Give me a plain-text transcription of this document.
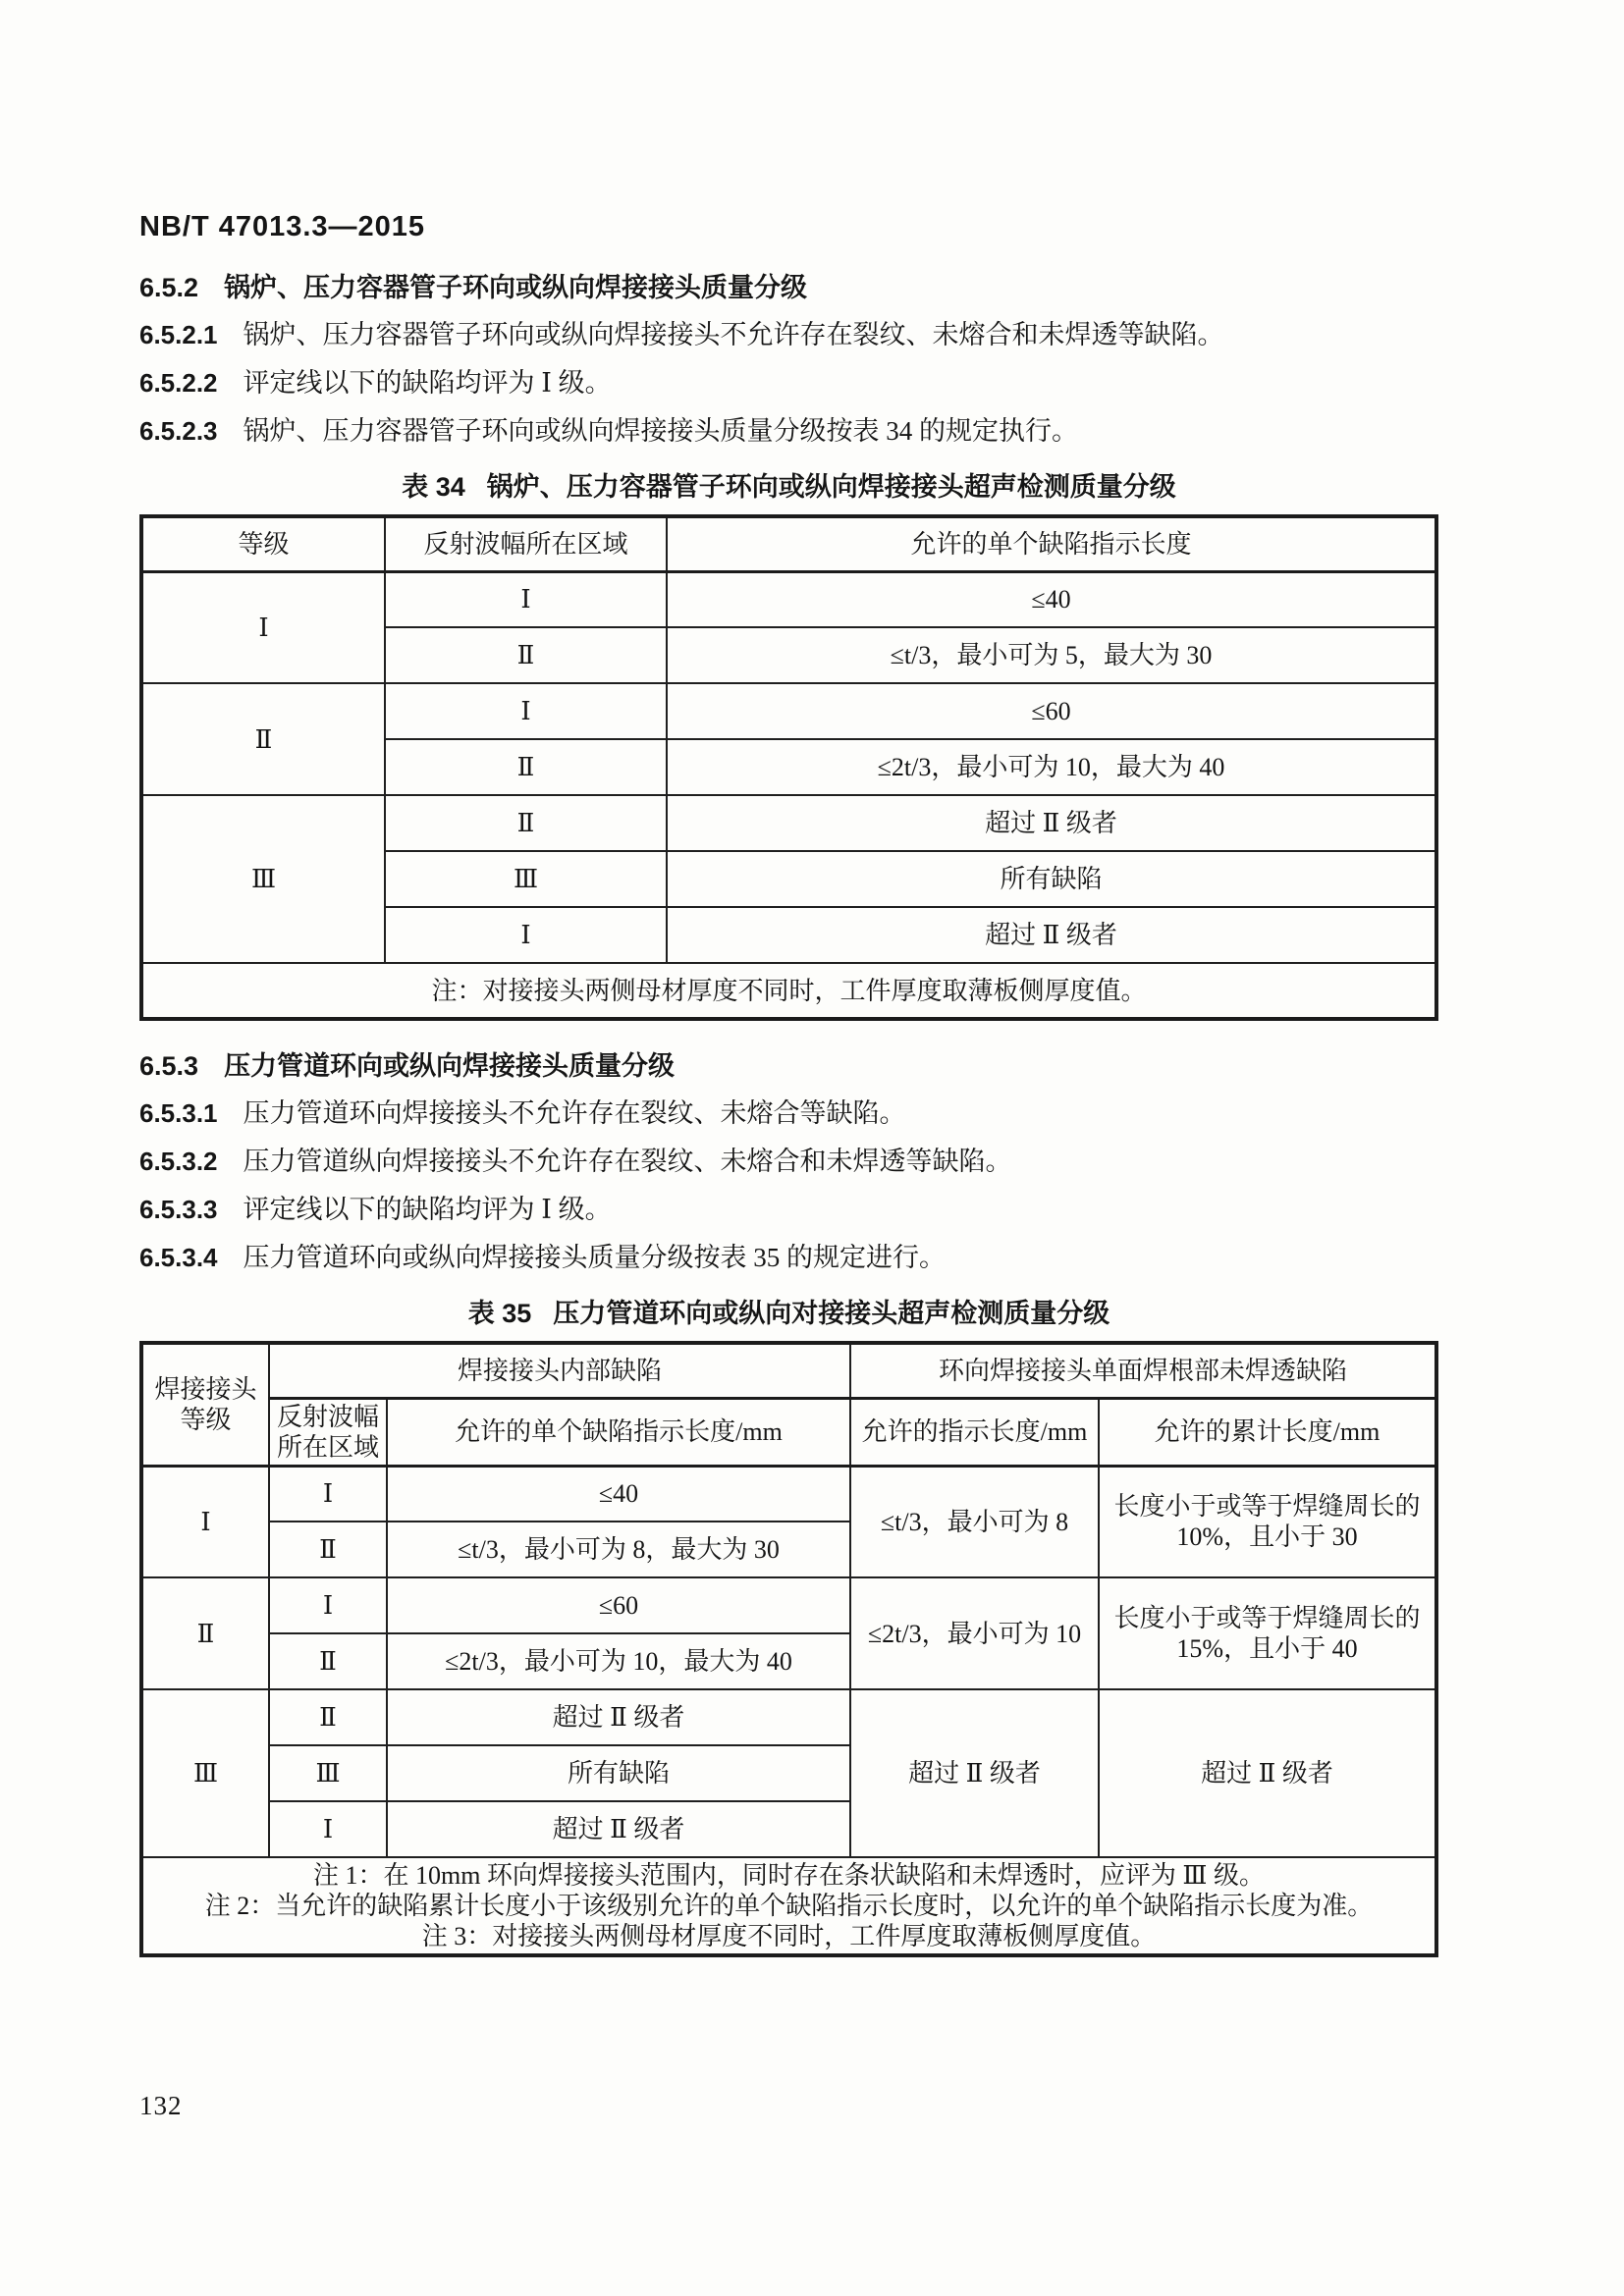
NB/T 47013.3—2015
6.5.2 锅炉、压力容器管子环向或纵向焊接接头质量分级

6.5.2.1 锅炉、压力容器管子环向或纵向焊接接头不允许存在裂纹、未熔合和未焊透等缺陷。

6.5.2.2 评定线以下的缺陷均评为 Ⅰ 级。

6.5.2.3 锅炉、压力容器管子环向或纵向焊接接头质量分级按表 34 的规定执行。

表 34 锅炉、压力容器管子环向或纵向焊接接头超声检测质量分级
等级	反射波幅所在区域	允许的单个缺陷指示长度
Ⅰ	Ⅰ	≤40
	Ⅱ	≤t/3，最小可为 5，最大为 30
Ⅱ	Ⅰ	≤60
	Ⅱ	≤2t/3，最小可为 10，最大为 40
Ⅲ	Ⅱ	超过 Ⅱ 级者
	Ⅲ	所有缺陷
	Ⅰ	超过 Ⅱ 级者
注：对接接头两侧母材厚度不同时，工件厚度取薄板侧厚度值。		
6.5.3 压力管道环向或纵向焊接接头质量分级

6.5.3.1 压力管道环向焊接接头不允许存在裂纹、未熔合等缺陷。

6.5.3.2 压力管道纵向焊接接头不允许存在裂纹、未熔合和未焊透等缺陷。

6.5.3.3 评定线以下的缺陷均评为 Ⅰ 级。

6.5.3.4 压力管道环向或纵向焊接接头质量分级按表 35 的规定进行。

表 35 压力管道环向或纵向对接接头超声检测质量分级
焊接接头等级	焊接接头内部缺陷		环向焊接接头单面焊根部未焊透缺陷	
	反射波幅所在区域	允许的单个缺陷指示长度/mm	允许的指示长度/mm	允许的累计长度/mm
Ⅰ	Ⅰ	≤40	≤t/3，最小可为 8	长度小于或等于焊缝周长的 10%，且小于 30
	Ⅱ	≤t/3，最小可为 8，最大为 30		
Ⅱ	Ⅰ	≤60	≤2t/3，最小可为 10	长度小于或等于焊缝周长的 15%，且小于 40
	Ⅱ	≤2t/3，最小可为 10，最大为 40		
Ⅲ	Ⅱ	超过 Ⅱ 级者	超过 Ⅱ 级者	超过 Ⅱ 级者
	Ⅲ	所有缺陷		
	Ⅰ	超过 Ⅱ 级者		

注 1：在 10mm 环向焊接接头范围内，同时存在条状缺陷和未焊透时，应评为 Ⅲ 级。
注 2：当允许的缺陷累计长度小于该级别允许的单个缺陷指示长度时，以允许的单个缺陷指示长度为准。
注 3：对接接头两侧母材厚度不同时，工件厚度取薄板侧厚度值。				
132
